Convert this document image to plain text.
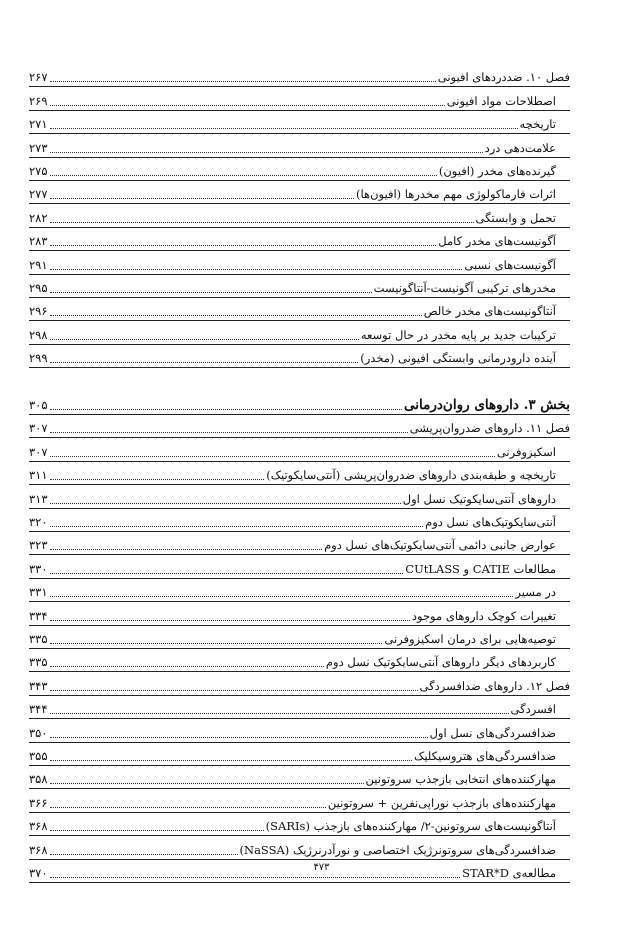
فصل ۱۰. ضددردهای افیونی
۲۶۷
اصطلاحات مواد افیونی
۲۶۹
تاریخچه
۲۷۱
علامت‌دهی درد
۲۷۳
گیرنده‌های مخدر (افیون)
۲۷۵
اثرات فارماکولوژی مهم مخدرها (افیون‌ها)
۲۷۷
تحمل و وابستگی
۲۸۲
آگونیست‌های مخدر کامل
۲۸۳
آگونیست‌های نسبی
۲۹۱
مخدرهای ترکیبی آگونیست-آنتاگونیست
۲۹۵
آنتاگونیست‌های مخدر خالص
۲۹۶
ترکیبات جدید بر پایه مخدر در حال توسعه
۲۹۸
آینده دارودرمانی وابستگی افیونی (مخدر)
۲۹۹
بخش ۳. داروهای روان‌درمانی
۳۰۵
فصل ۱۱. داروهای ضدروان‌پریشی
۳۰۷
اسکیزوفرنی
۳۰۷
تاریخچه و طبقه‌بندی داروهای ضدروان‌پریشی (آنتی‌سایکوتیک)
۳۱۱
داروهای آنتی‌سایکوتیک نسل اول
۳۱۳
آنتی‌سایکوتیک‌های نسل دوم
۳۲۰
عوارض جانبی دائمی آنتی‌سایکوتیک‌های نسل دوم
۳۲۳
مطالعات CATIE و CUtLASS
۳۳۰
در مسیر
۳۳۱
تغییرات کوچک داروهای موجود
۳۳۴
توصیه‌هایی برای درمان اسکیزوفرنی
۳۳۵
کاربردهای دیگر داروهای آنتی‌سایکوتیک نسل دوم
۳۳۵
فصل ۱۲. داروهای ضدافسردگی
۳۴۳
افسردگی
۳۴۴
ضدافسردگی‌های نسل اول
۳۵۰
ضدافسردگی‌های هتروسیکلیک
۳۵۵
مهارکننده‌های انتخابی بازجذب سروتونین
۳۵۸
مهارکننده‌های بازجذب نوراپی‌نفرین + سروتونین
۳۶۶
آنتاگونیست‌های سروتونین-۲/ مهارکننده‌های بازجذب (SARIs)
۳۶۸
ضدافسردگی‌های سروتونرژیک اختصاصی و نورآدرنرژیک (NaSSA)
۳۶۸
مطالعه‌ی STAR*D
۳۷۰	۴۷۳
